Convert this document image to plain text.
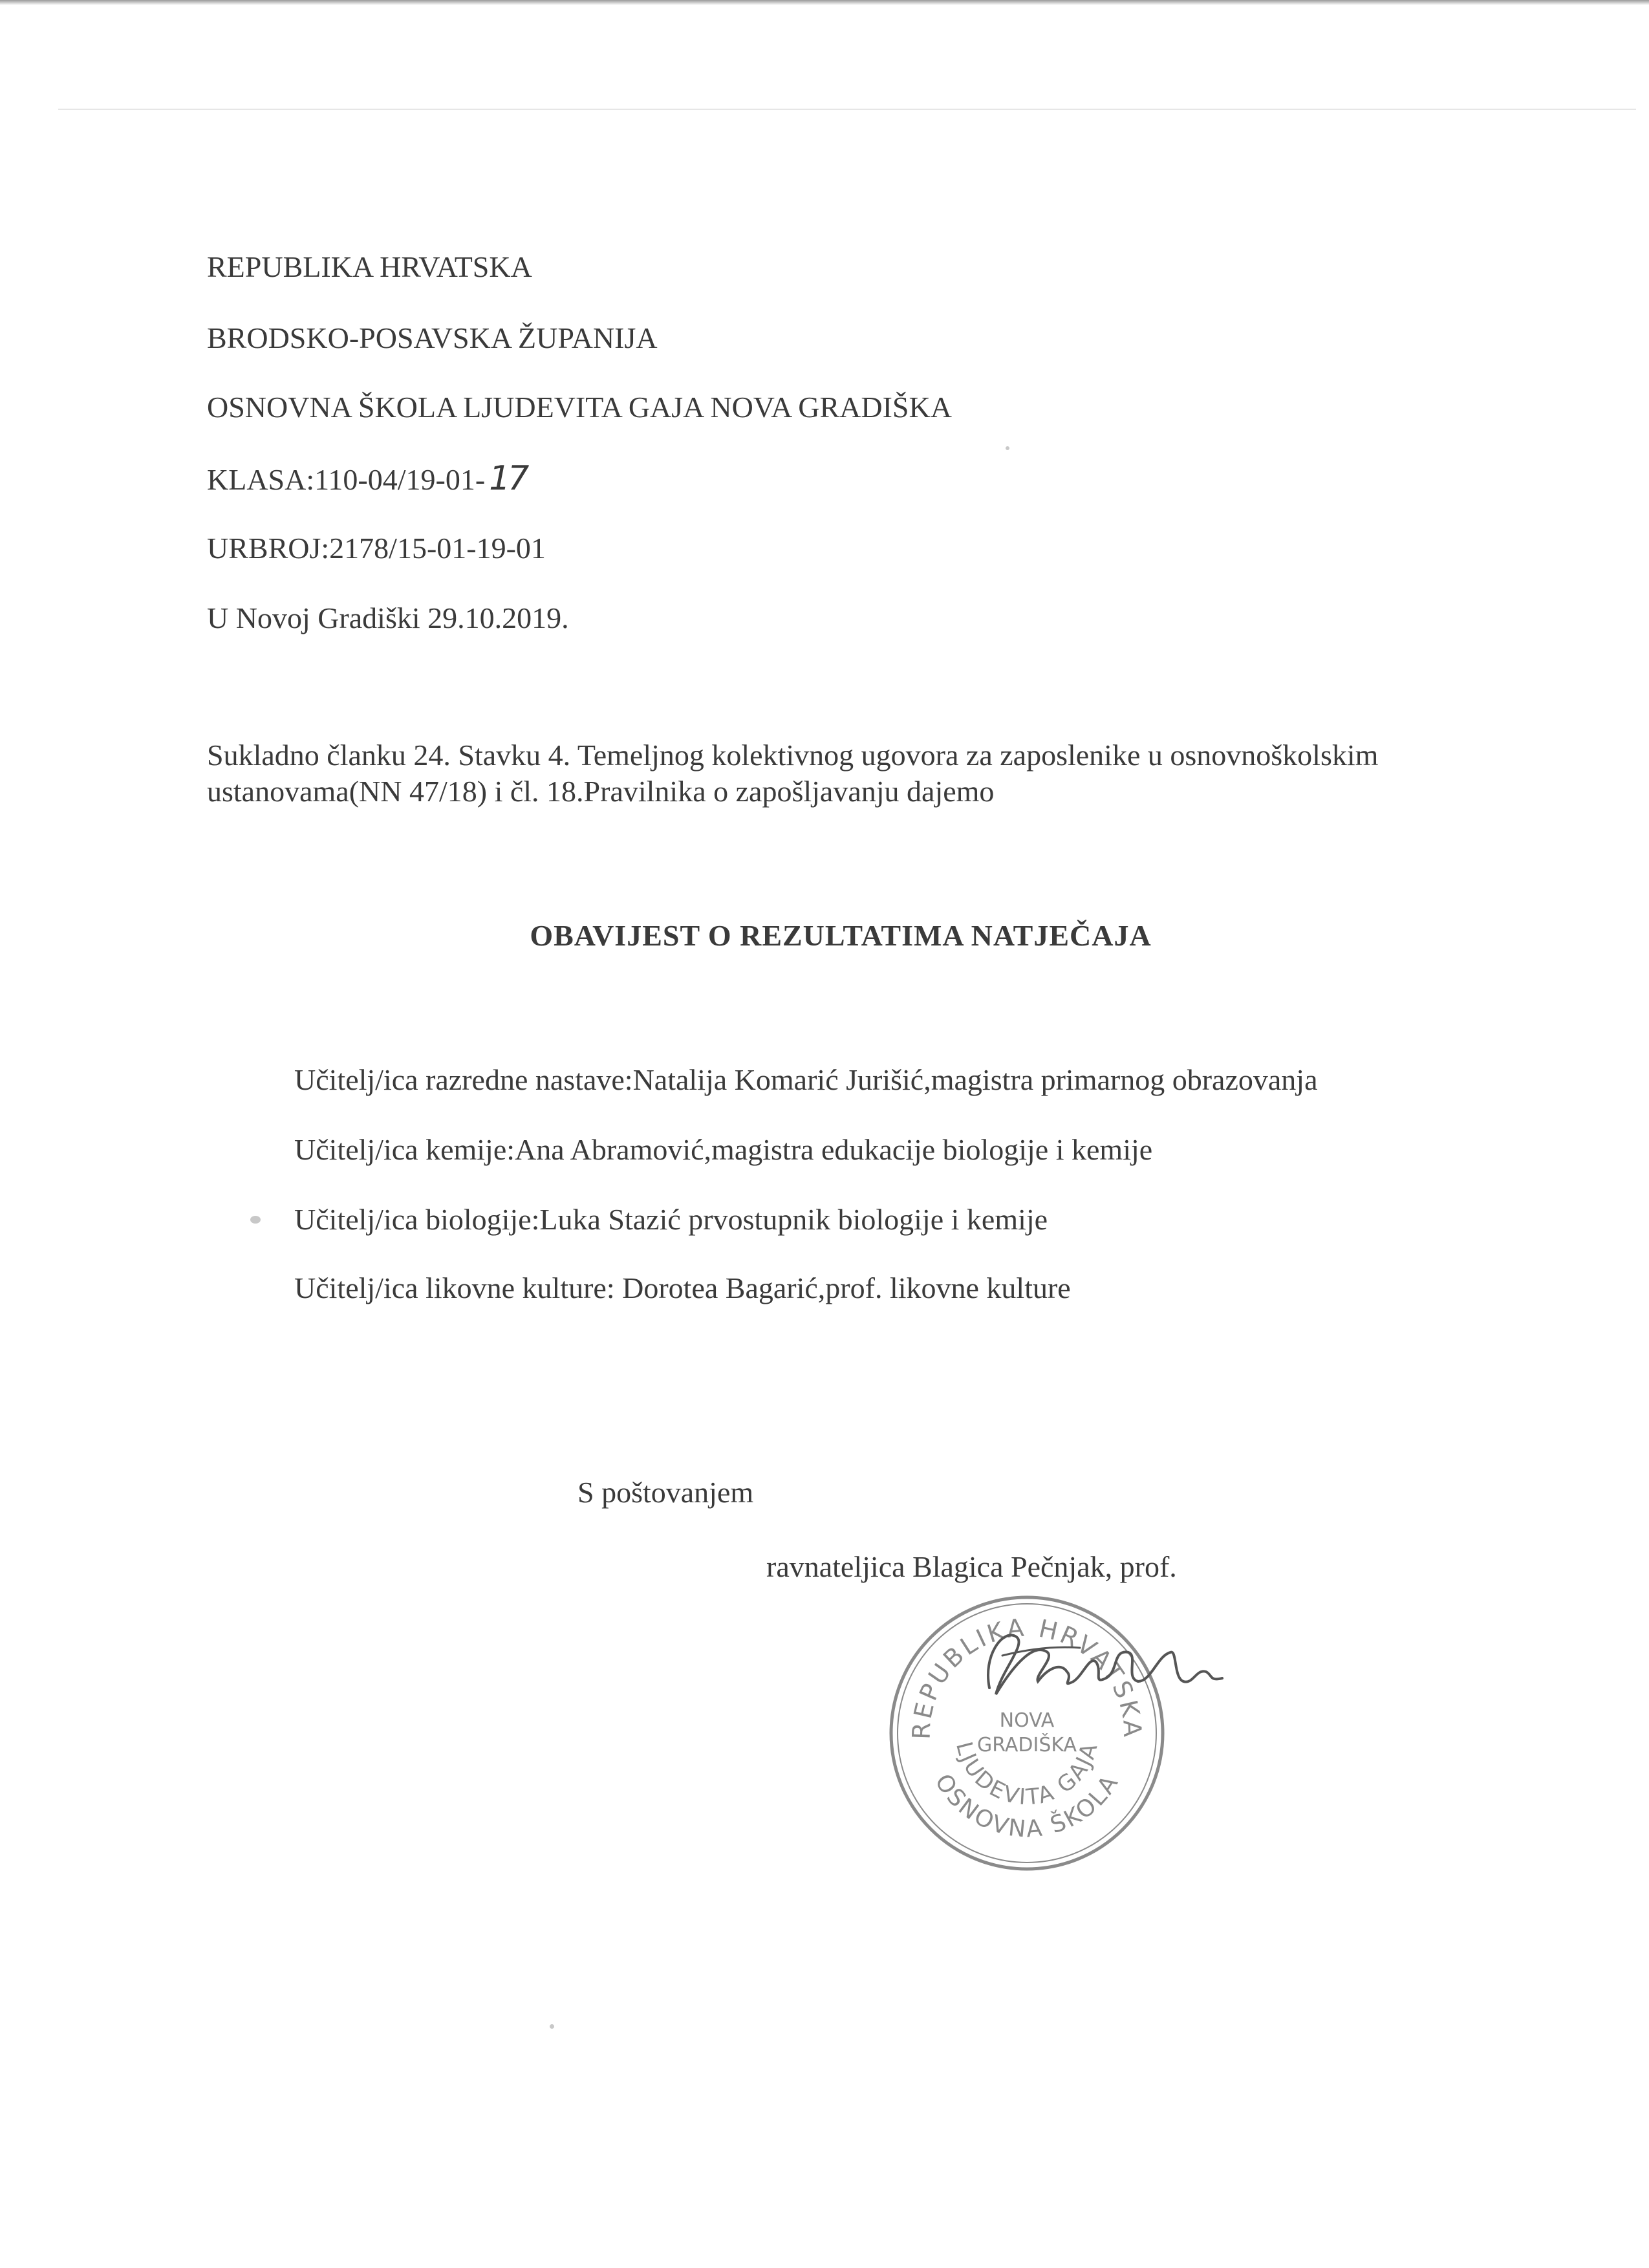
REPUBLIKA HRVATSKA
BRODSKO-POSAVSKA ŽUPANIJA
OSNOVNA ŠKOLA LJUDEVITA GAJA NOVA GRADIŠKA
KLASA:110-04/19-01- 17
URBROJ:2178/15-01-19-01
U Novoj Gradiški 29.10.2019.

Sukladno članku 24. Stavku 4. Temeljnog kolektivnog ugovora za zaposlenike u osnovnoškolskim

ustanovama(NN 47/18) i čl. 18.Pravilnika o zapošljavanju dajemo

OBAVIJEST O REZULTATIMA NATJEČAJA
Učitelj/ica razredne nastave:Natalija Komarić Jurišić,magistra primarnog obrazovanja
Učitelj/ica kemije:Ana Abramović,magistra edukacije biologije i kemije
Učitelj/ica biologije:Luka Stazić prvostupnik biologije i kemije
Učitelj/ica likovne kulture: Dorotea Bagarić,prof. likovne kulture
S poštovanjem
ravnateljica Blagica Pečnjak, prof.
REPUBLIKA HRVATSKA
NOVA
GRADIŠKA
LJUDEVITA GAJA
OSNOVNA ŠKOLA
